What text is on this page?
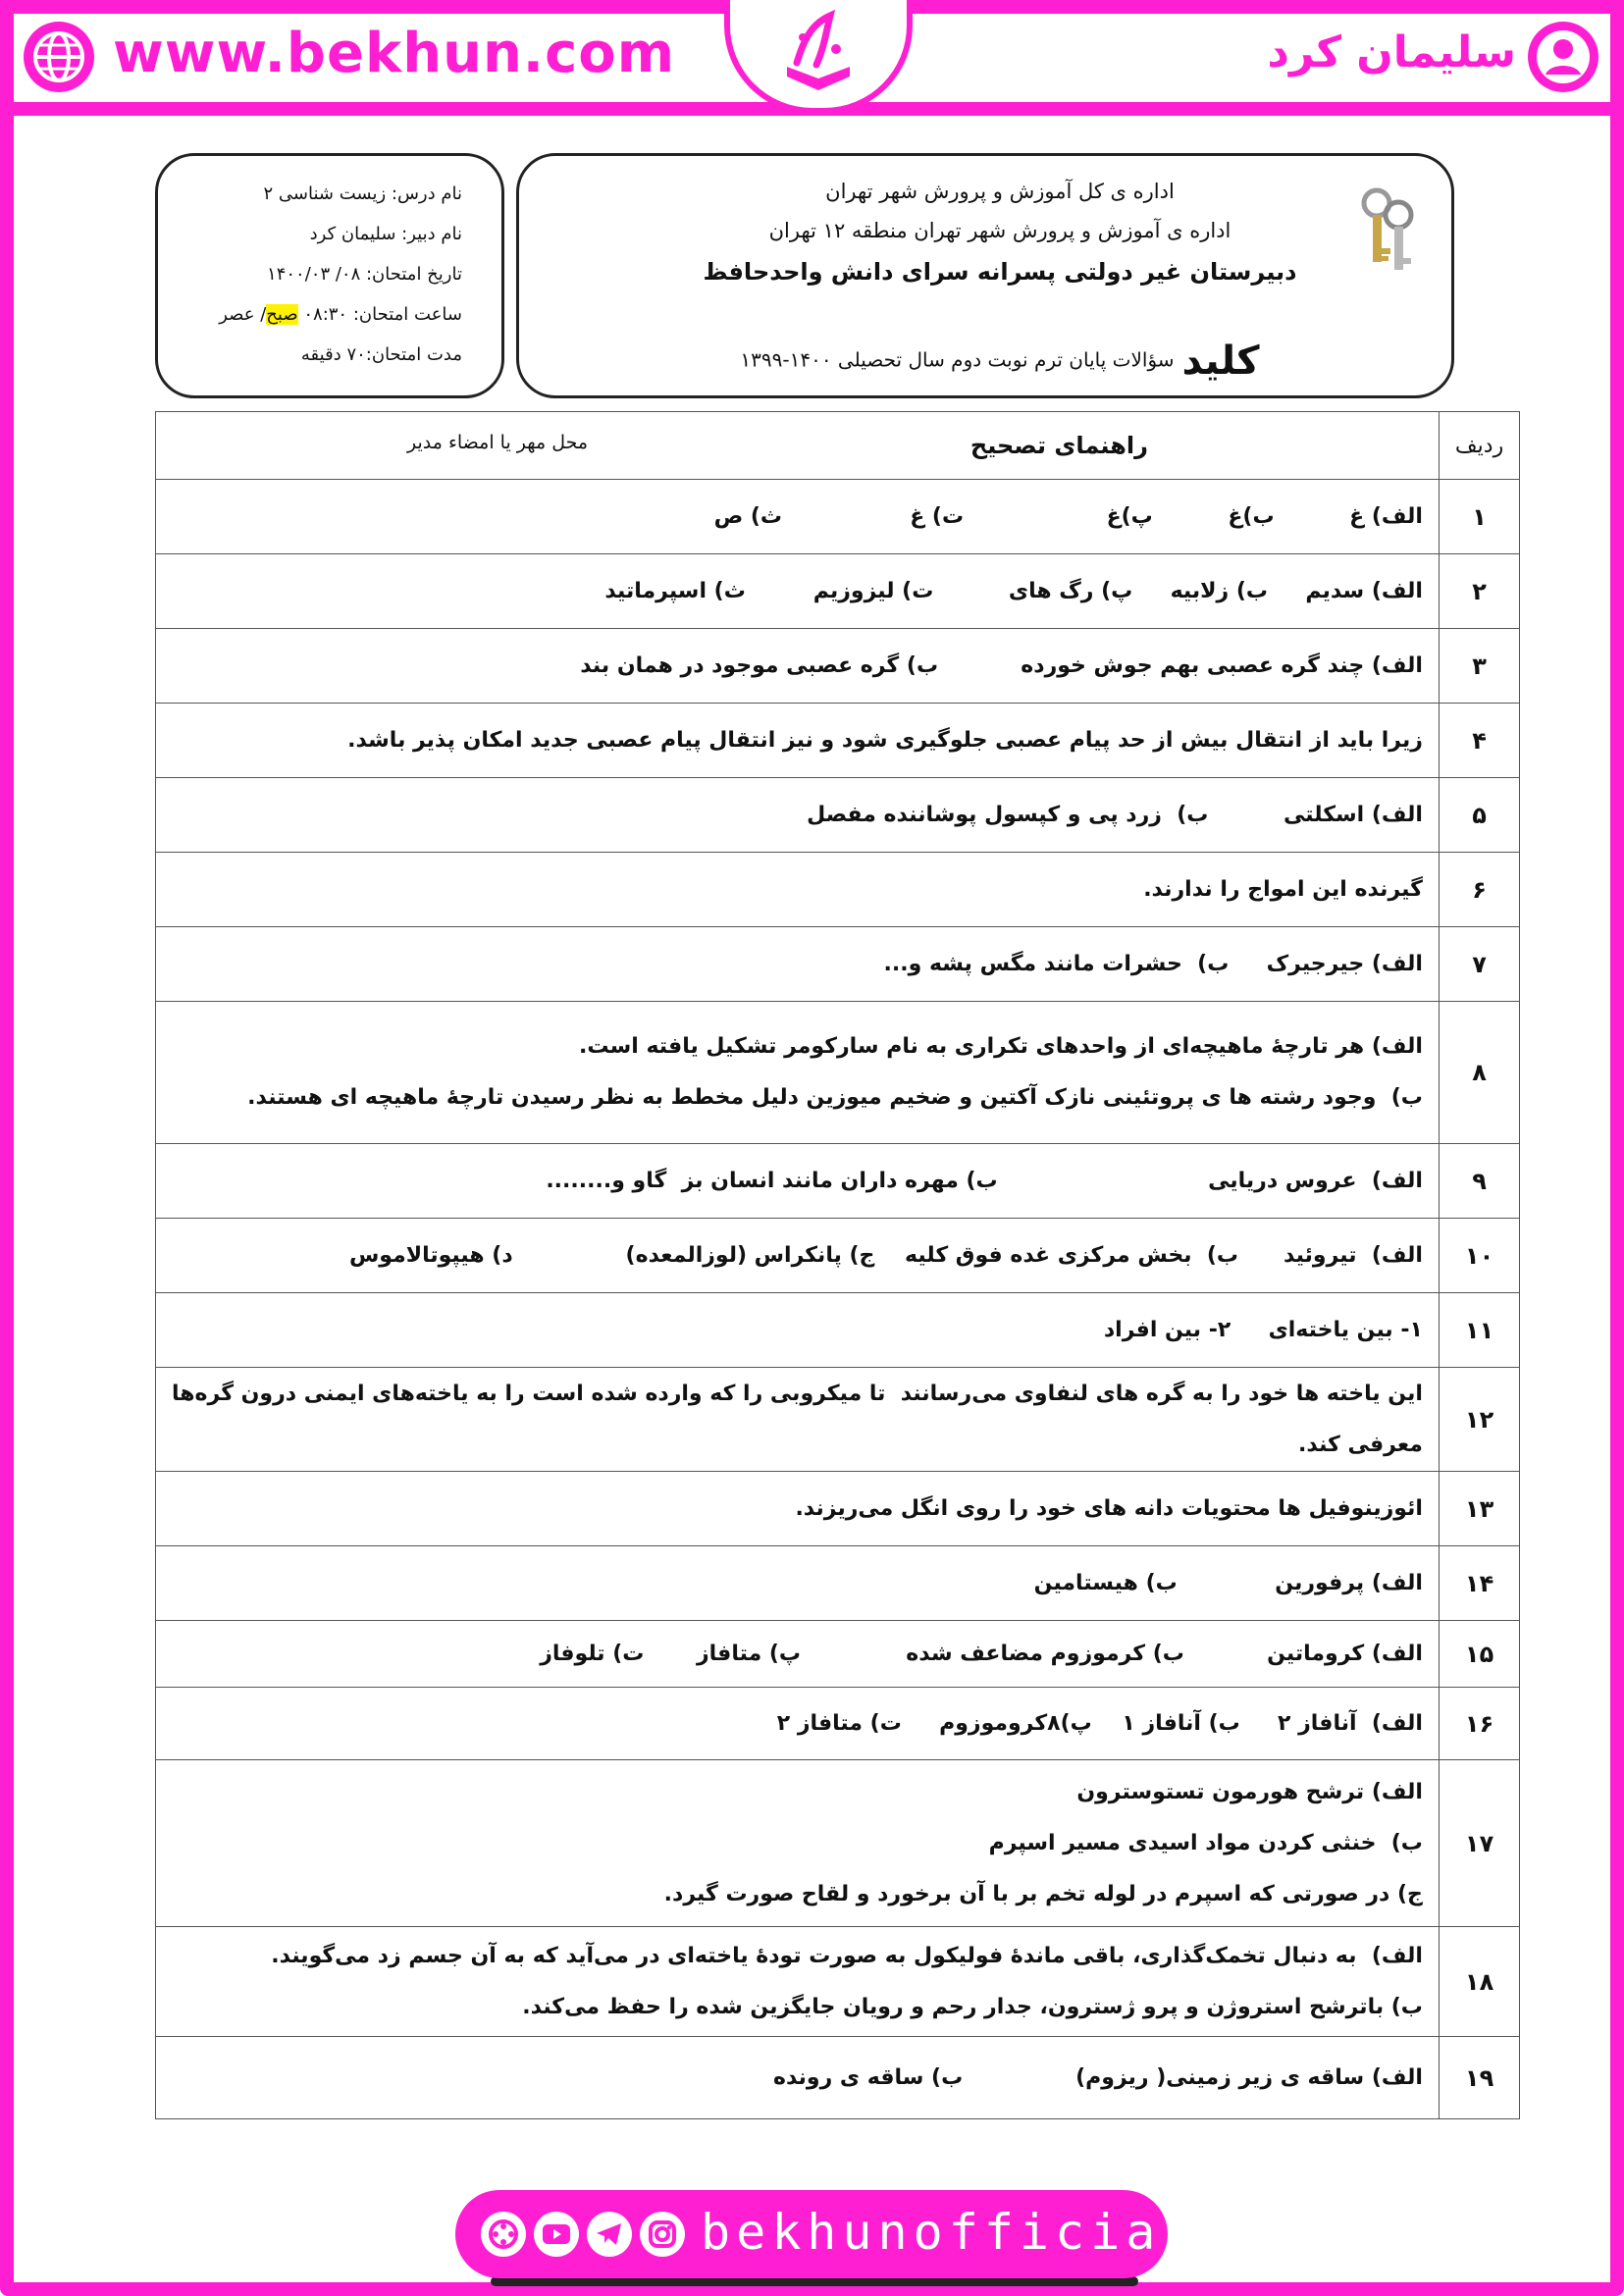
www.bekhun.com	سلیمان کرد
اداره ی کل آموزش و پرورش شهر تهران
اداره ی آموزش و پرورش شهر تهران منطقه ۱۲ تهران
دبیرستان غیر دولتی پسرانه سرای دانش واحدحافظ
کلیدسؤالات پایان ترم نوبت دوم سال تحصیلی ۱۴۰۰-۱۳۹۹
نام درس: زیست شناسی ۲
نام دبیر: سلیمان کرد
تاریخ امتحان: ۰۸/ ۱۴۰۰/۰۳
ساعت امتحان: ۰۸:۳۰ صبح/ عصر
مدت امتحان:۷۰ دقیقه
ردیف	راهنمای تصحیح
محل مهر یا امضاء مدیر

۱	الف) غ          ب)غ          پ)غ                   ت) غ                 ث) ص

۲	الف) سدیم     ب) زلابیه     پ) رگ های          ت) لیزوزیم         ث) اسپرماتید

۳	الف) چند گره عصبی بهم جوش خورده           ب) گره عصبی موجود در همان بند

۴	زیرا باید از انتقال بیش از حد پیام عصبی جلوگیری شود و نیز انتقال پیام عصبی جدید امکان پذیر باشد.

۵	الف) اسکلتی          ب)  زرد پی و کپسول پوشاننده مفصل

۶	گیرنده این امواج را ندارند.

۷	الف) جیرجیرک     ب)  حشرات مانند مگس پشه و...

۸	الف) هر تارچهٔ ماهیچه‌ای از واحدهای تکراری به نام سارکومر تشکیل یافته است.

ب)  وجود رشته ها ی پروتئینی نازک آکتین و ضخیم میوزین دلیل مخطط به نظر رسیدن تارچهٔ ماهیچه ای هستند.

۹	الف)  عروس دریایی                            ب) مهره داران مانند انسان بز  گاو و........

۱۰	الف)  تیروئید      ب)  بخش مرکزی غده فوق کلیه    ج) پانکراس (لوزالمعده)               د) هیپوتالاموس

۱۱	۱- بین یاخته‌ای     ۲- بین افراد

۱۲	این یاخته ها خود را به گره های لنفاوی می‌رسانند  تا میکروبی را که وارده شده است را به یاخته‌های ایمنی درون گره‌ها

معرفی کند.

۱۳	ائوزینوفیل ها محتویات دانه های خود را روی انگل می‌ریزند.

۱۴	الف) پرفورین             ب) هیستامین

۱۵	الف) کروماتین           ب) کرموزوم مضاعف شده              پ) متافاز       ت) تلوفاز

۱۶	الف)  آنافاز ۲     ب) آنافاز ۱    پ)۸کروموزوم     ت) متافاز ۲

۱۷	الف) ترشح هورمون تستوسترون

ب)  خنثی کردن مواد اسیدی مسیر اسپرم

ج) در صورتی که اسپرم در لوله تخم بر با آن برخورد و لقاح صورت گیرد.

۱۸	الف)  به دنبال تخمک‌گذاری، باقی ماندهٔ فولیکول به صورت تودهٔ یاخته‌ای در می‌آید که به آن جسم زد می‌گویند.

ب) باترشح استروژن و پرو ژسترون، جدار رحم و رویان جایگزین شده را حفظ می‌کند.

۱۹	الف) ساقه ی زیر زمینی( ریزوم)               ب) ساقه ی رونده

bekhunofficial
